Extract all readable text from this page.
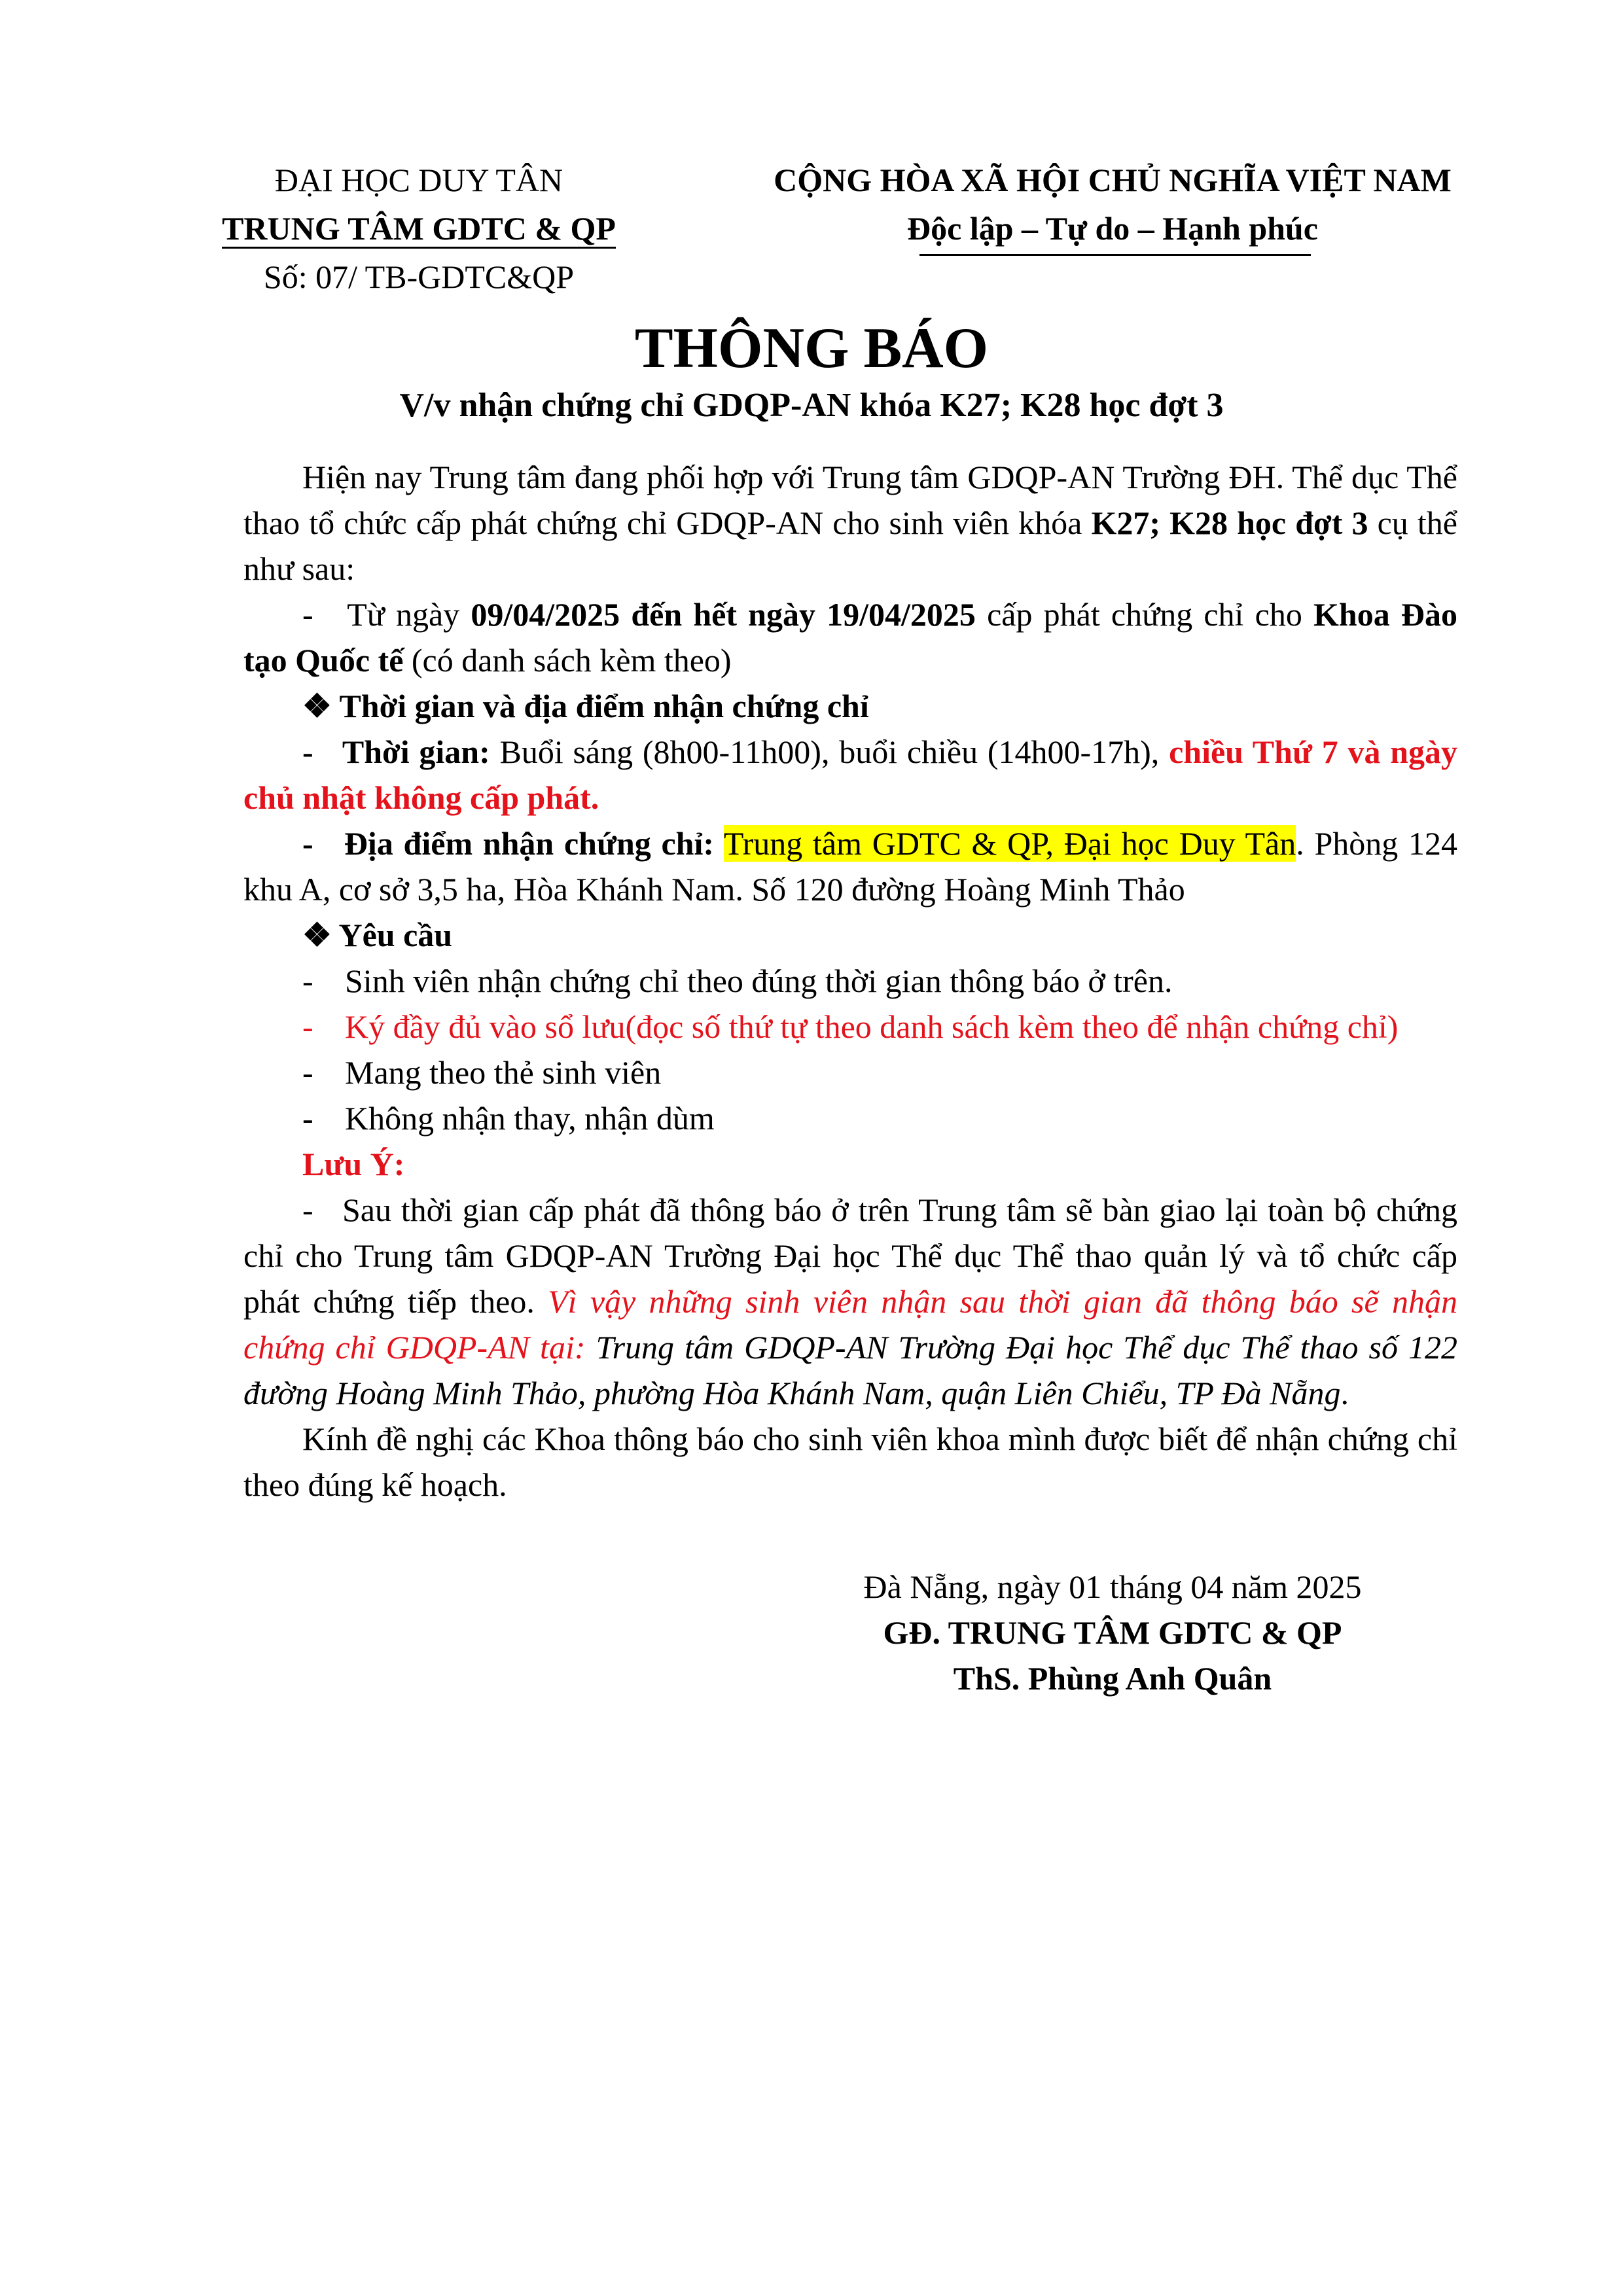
ĐẠI HỌC DUY TÂN
TRUNG TÂM GDTC & QP
Số: 07/ TB-GDTC&QP
CỘNG HÒA XÃ HỘI CHỦ NGHĨA VIỆT NAM
Độc lập – Tự do – Hạnh phúc
THÔNG BÁO
V/v nhận chứng chỉ GDQP-AN khóa K27; K28 học đợt 3

Hiện nay Trung tâm đang phối hợp với Trung tâm GDQP-AN Trường ĐH. Thể dục Thể thao tổ chức cấp phát chứng chỉ GDQP-AN cho sinh viên khóa K27; K28 học đợt 3 cụ thể như sau:

- Từ ngày 09/04/2025 đến hết ngày 19/04/2025 cấp phát chứng chỉ cho Khoa Đào tạo Quốc tế (có danh sách kèm theo)

❖ Thời gian và địa điểm nhận chứng chỉ

- Thời gian: Buổi sáng (8h00-11h00), buổi chiều (14h00-17h), chiều Thứ 7 và ngày chủ nhật không cấp phát.

- Địa điểm nhận chứng chỉ: Trung tâm GDTC & QP, Đại học Duy Tân. Phòng 124 khu A, cơ sở 3,5 ha, Hòa Khánh Nam. Số 120 đường Hoàng Minh Thảo

❖ Yêu cầu

- Sinh viên nhận chứng chỉ theo đúng thời gian thông báo ở trên.

- Ký đầy đủ vào sổ lưu(đọc số thứ tự theo danh sách kèm theo để nhận chứng chỉ)

- Mang theo thẻ sinh viên

- Không nhận thay, nhận dùm

Lưu Ý:

- Sau thời gian cấp phát đã thông báo ở trên Trung tâm sẽ bàn giao lại toàn bộ chứng chỉ cho Trung tâm GDQP-AN Trường Đại học Thể dục Thể thao quản lý và tổ chức cấp phát chứng tiếp theo. Vì vậy những sinh viên nhận sau thời gian đã thông báo sẽ nhận chứng chỉ GDQP-AN tại: Trung tâm GDQP-AN Trường Đại học Thể dục Thể thao số 122 đường Hoàng Minh Thảo, phường Hòa Khánh Nam, quận Liên Chiểu, TP Đà Nẵng.

Kính đề nghị các Khoa thông báo cho sinh viên khoa mình được biết để nhận chứng chỉ theo đúng kế hoạch.

Đà Nẵng, ngày 01 tháng 04 năm 2025
GĐ. TRUNG TÂM GDTC & QP
ThS. Phùng Anh Quân
